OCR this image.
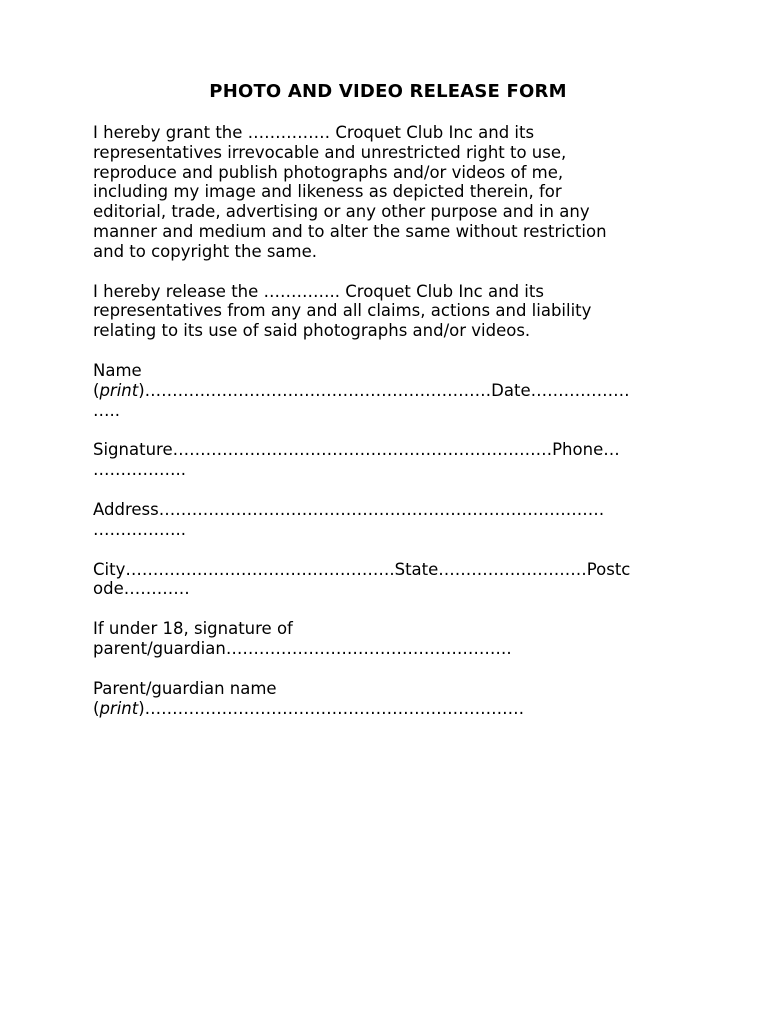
PHOTO AND VIDEO RELEASE FORM
I hereby grant the …………… Croquet Club Inc and its
representatives irrevocable and unrestricted right to use,
reproduce and publish photographs and/or videos of me,
including my image and likeness as depicted therein, for
editorial, trade, advertising or any other purpose and in any
manner and medium and to alter the same without restriction
and to copyright the same.
I hereby release the ………….. Croquet Club Inc and its
representatives from any and all claims, actions and liability
relating to its use of said photographs and/or videos.
Name
(print)………………………………………………………Date………………
…..
Signature……………………………………………………………Phone…
……………..
Address………………………………………………………………………
……………..
City………………………………………….State………………………Postc
ode…………
If under 18, signature of
parent/guardian…………………………………………….
Parent/guardian name
(print)……………………………………………………………
